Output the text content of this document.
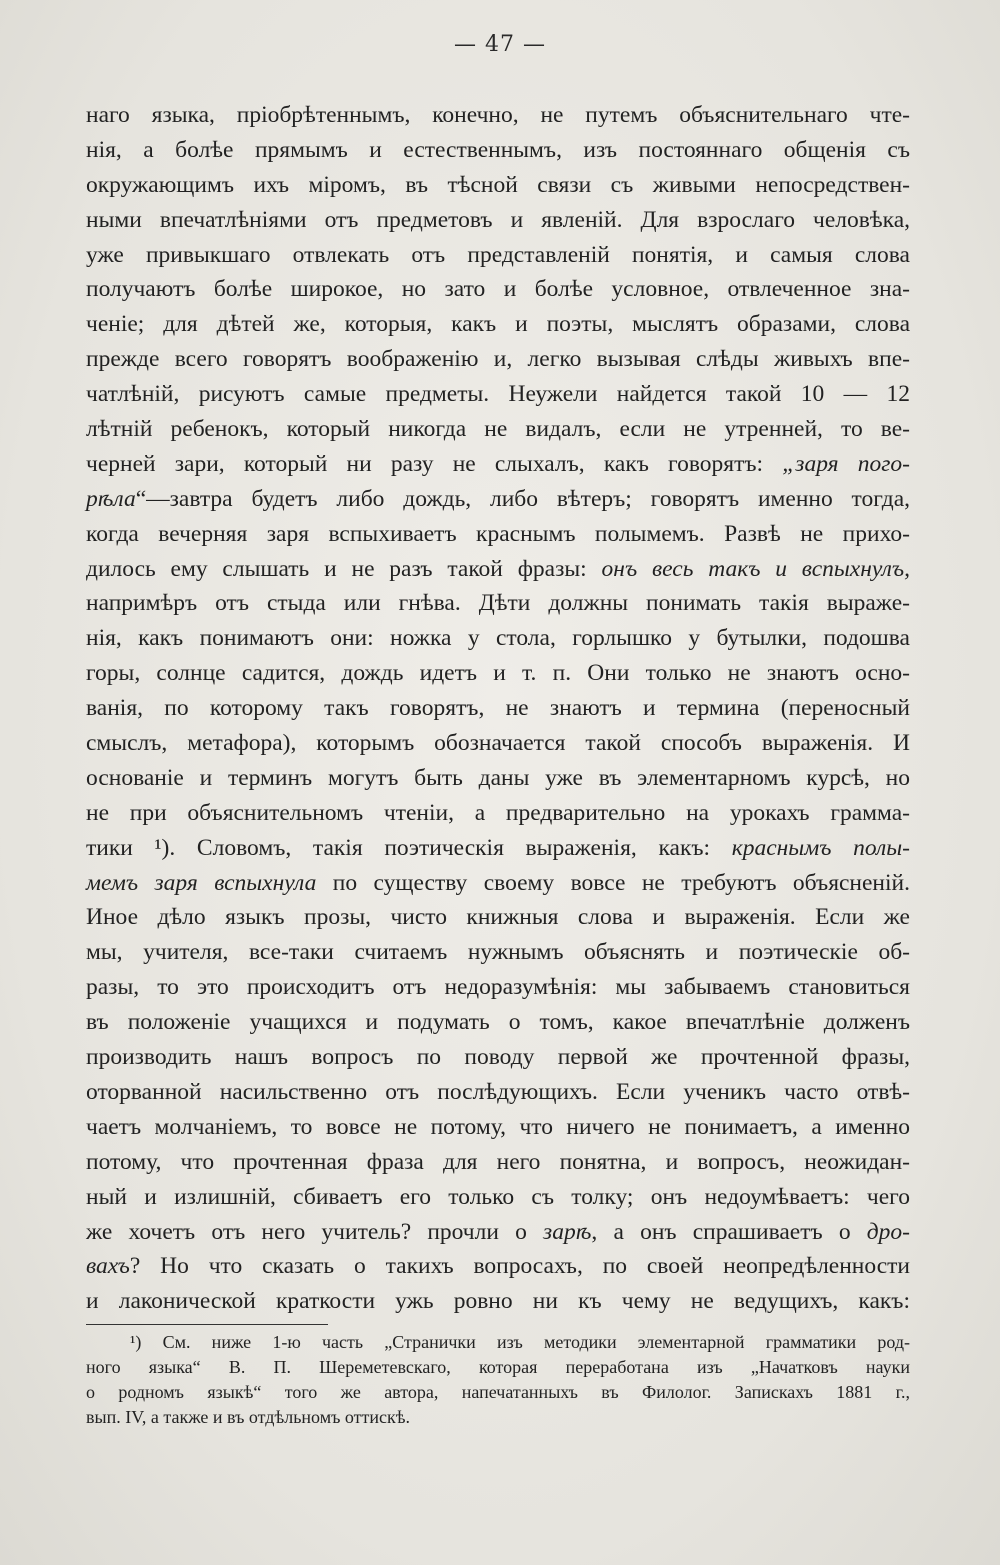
— 47 —
наго языка, пріобрѣтеннымъ, конечно, не путемъ объяснительнаго чте-
нія, а болѣе прямымъ и естественнымъ, изъ постояннаго общенія съ
окружающимъ ихъ міромъ, въ тѣсной связи съ живыми непосредствен-
ными впечатлѣніями отъ предметовъ и явленій. Для взрослаго человѣка,
уже привыкшаго отвлекать отъ представленій понятія, и самыя слова
получаютъ болѣе широкое, но зато и болѣе условное, отвлеченное зна-
ченіе; для дѣтей же, которыя, какъ и поэты, мыслятъ образами, слова
прежде всего говорятъ воображенію и, легко вызывая слѣды живыхъ впе-
чатлѣній, рисуютъ самые предметы. Неужели найдется такой 10 — 12
лѣтній ребенокъ, который никогда не видалъ, если не утренней, то ве-
черней зари, который ни разу не слыхалъ, какъ говорятъ: „заря пого-
рѣла“—завтра будетъ либо дождь, либо вѣтеръ; говорятъ именно тогда,
когда вечерняя заря вспыхиваетъ краснымъ полымемъ. Развѣ не прихо-
дилось ему слышать и не разъ такой фразы: онъ весь такъ и вспыхнулъ,
напримѣръ отъ стыда или гнѣва. Дѣти должны понимать такія выраже-
нія, какъ понимаютъ они: ножка у стола, горлышко у бутылки, подошва
горы, солнце садится, дождь идетъ и т. п. Они только не знаютъ осно-
ванія, по которому такъ говорятъ, не знаютъ и термина (переносный
смыслъ, метафора), которымъ обозначается такой способъ выраженія. И
основаніе и терминъ могутъ быть даны уже въ элементарномъ курсѣ, но
не при объяснительномъ чтеніи, а предварительно на урокахъ грамма-
тики ¹). Словомъ, такія поэтическія выраженія, какъ: краснымъ полы-
мемъ заря вспыхнула по существу своему вовсе не требуютъ объясненій.
Иное дѣло языкъ прозы, чисто книжныя слова и выраженія. Если же
мы, учителя, все-таки считаемъ нужнымъ объяснять и поэтическіе об-
разы, то это происходитъ отъ недоразумѣнія: мы забываемъ становиться
въ положеніе учащихся и подумать о томъ, какое впечатлѣніе долженъ
производить нашъ вопросъ по поводу первой же прочтенной фразы,
оторванной насильственно отъ послѣдующихъ. Если ученикъ часто отвѣ-
чаетъ молчаніемъ, то вовсе не потому, что ничего не понимаетъ, а именно
потому, что прочтенная фраза для него понятна, и вопросъ, неожидан-
ный и излишній, сбиваетъ его только съ толку; онъ недоумѣваетъ: чего
же хочетъ отъ него учитель? прочли о зарѣ, а онъ спрашиваетъ о дро-
вахъ? Но что сказать о такихъ вопросахъ, по своей неопредѣленности
и лаконической краткости ужь ровно ни къ чему не ведущихъ, какъ:
¹) См. ниже 1-ю часть „Странички изъ методики элементарной грамматики род-
ного языка“ В. П. Шереметевскаго, которая переработана изъ „Начатковъ науки
о родномъ языкѣ“ того же автора, напечатанныхъ въ Филолог. Запискахъ 1881 г.,
вып. IV, а также и въ отдѣльномъ оттискѣ.
